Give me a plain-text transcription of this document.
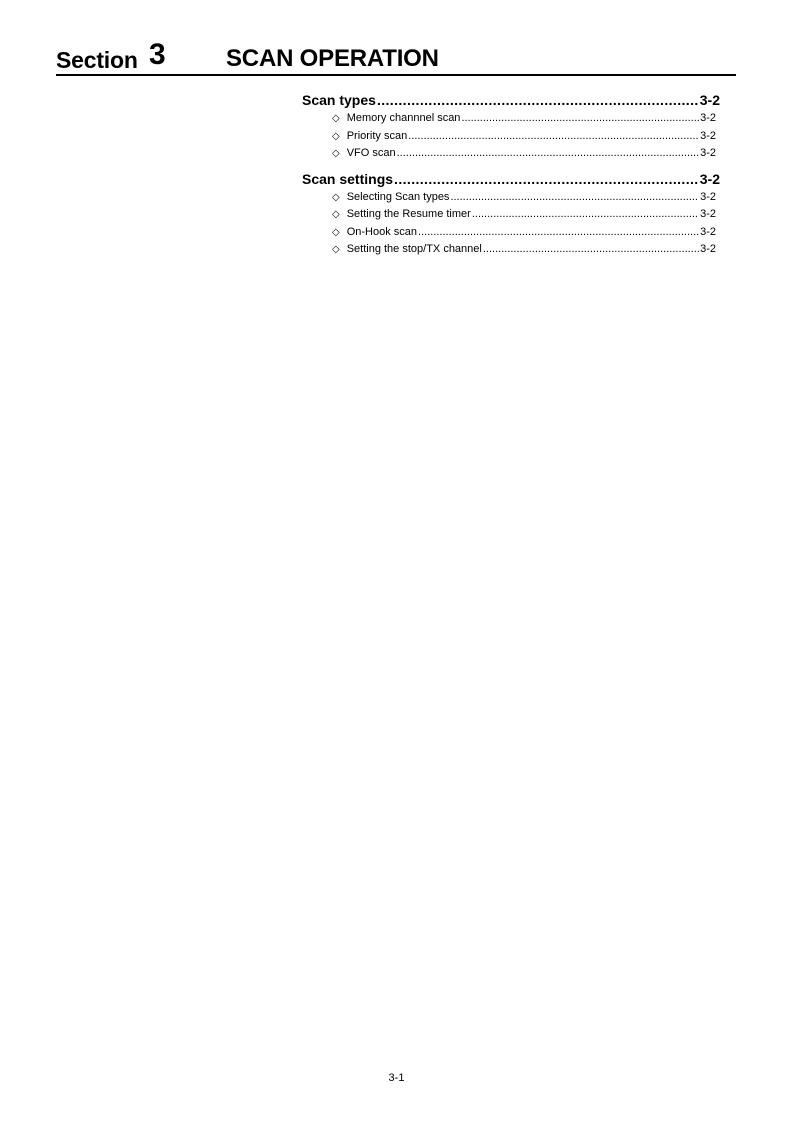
Section 3	SCAN OPERATION
Scan types .....	3-2
◇ Memory channnel scan .....	3-2
◇ Priority scan .....	3-2
◇ VFO scan .....	3-2
Scan settings .....	3-2
◇ Selecting Scan types .....	3-2
◇ Setting the Resume timer .....	3-2
◇ On-Hook scan .....	3-2
◇ Setting the stop/TX channel .....	3-2
3-1
